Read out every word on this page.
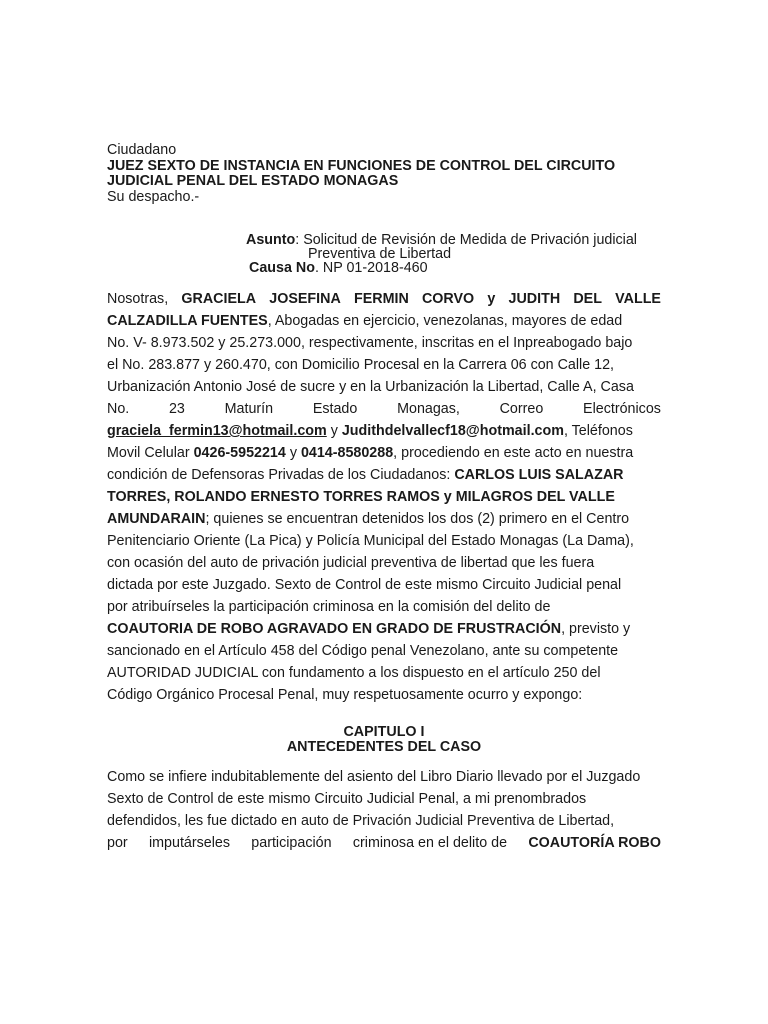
Ciudadano
JUEZ SEXTO DE INSTANCIA EN FUNCIONES DE CONTROL DEL CIRCUITO
JUDICIAL PENAL DEL ESTADO MONAGAS
Su despacho.-
Asunto: Solicitud de Revisión de Medida de Privación judicial
Preventiva de Libertad
Causa No. NP 01-2018-460
Nosotras, GRACIELA JOSEFINA FERMIN CORVO y JUDITH DEL VALLE
CALZADILLA FUENTES, Abogadas en ejercicio, venezolanas, mayores de edad
No. V- 8.973.502 y 25.273.000, respectivamente, inscritas en el Inpreabogado bajo
el No. 283.877 y 260.470, con Domicilio Procesal en la Carrera 06 con Calle 12,
Urbanización Antonio José de sucre y en la Urbanización la Libertad, Calle A, Casa
No.	23	Maturín	Estado	Monagas,	Correo	Electrónicos
graciela_fermin13@hotmail.com y Judithdelvallecf18@hotmail.com, Teléfonos
Movil Celular 0426-5952214 y 0414-8580288, procediendo en este acto en nuestra
condición de Defensoras Privadas de los Ciudadanos: CARLOS LUIS SALAZAR
TORRES, ROLANDO ERNESTO TORRES RAMOS y MILAGROS DEL VALLE
AMUNDARAIN; quienes se encuentran detenidos los dos (2) primero en el Centro
Penitenciario Oriente (La Pica) y Policía Municipal del Estado Monagas (La Dama),
con ocasión del auto de privación judicial preventiva de libertad que les fuera
dictada por este Juzgado. Sexto de Control de este mismo Circuito Judicial penal
por atribuírseles la participación criminosa en la comisión del delito de
COAUTORIA DE ROBO AGRAVADO EN GRADO DE FRUSTRACIÓN, previsto y
sancionado en el Artículo 458 del Código penal Venezolano, ante su competente
AUTORIDAD JUDICIAL con fundamento a los dispuesto en el artículo 250 del
Código Orgánico Procesal Penal, muy respetuosamente ocurro y expongo:
CAPITULO I
ANTECEDENTES DEL CASO
Como se infiere indubitablemente del asiento del Libro Diario llevado por el Juzgado
Sexto de Control de este mismo Circuito Judicial Penal, a mi prenombrados
defendidos, les fue dictado en auto de Privación Judicial Preventiva de Libertad,
por imputárseles participación criminosa en el delito de COAUTORÍA ROBO
